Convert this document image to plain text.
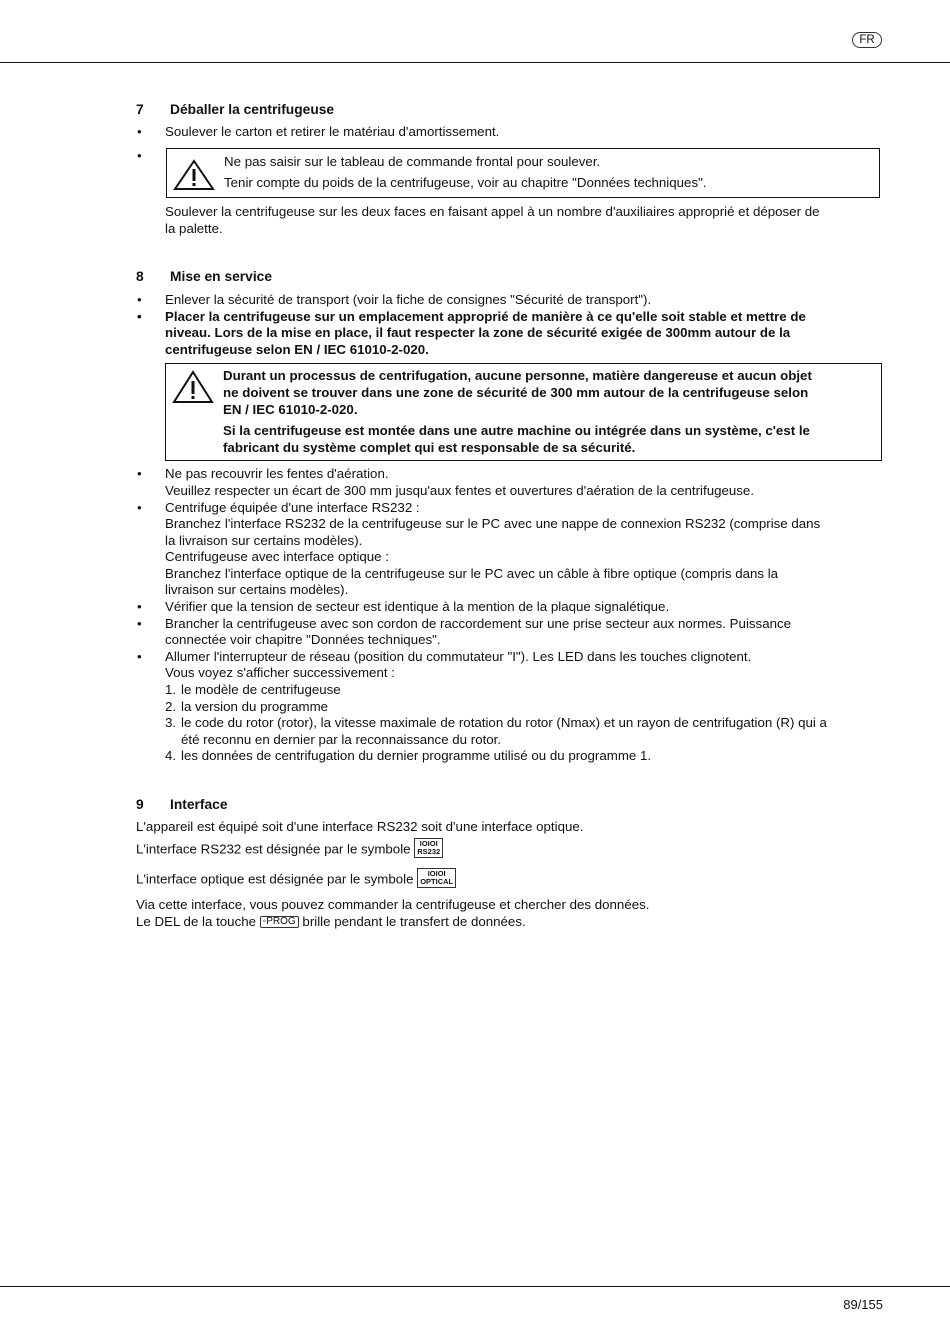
FR
7	Déballer la centrifugeuse
• Soulever le carton et retirer le matériau d'amortissement.
•	Ne pas saisir sur le tableau de commande frontal pour soulever.
Tenir compte du poids de la centrifugeuse, voir au chapitre "Données techniques".
Soulever la centrifugeuse sur les deux faces en faisant appel à un nombre d'auxiliaires approprié et déposer de
la palette.
8	Mise en service
• Enlever la sécurité de transport (voir la fiche de consignes "Sécurité de transport").
• Placer la centrifugeuse sur un emplacement approprié de manière à ce qu'elle soit stable et mettre de
niveau. Lors de la mise en place, il faut respecter la zone de sécurité exigée de 300mm autour de la
centrifugeuse selon EN / IEC 61010-2-020.
Durant un processus de centrifugation, aucune personne, matière dangereuse et aucun objet
ne doivent se trouver dans une zone de sécurité de 300 mm autour de la centrifugeuse selon
EN / IEC 61010-2-020.
Si la centrifugeuse est montée dans une autre machine ou intégrée dans un système, c'est le
fabricant du système complet qui est responsable de sa sécurité.
• Ne pas recouvrir les fentes d'aération.
Veuillez respecter un écart de 300 mm jusqu'aux fentes et ouvertures d'aération de la centrifugeuse.
• Centrifuge équipée d'une interface RS232 :
Branchez l'interface RS232 de la centrifugeuse sur le PC avec une nappe de connexion RS232 (comprise dans
la livraison sur certains modèles).
Centrifugeuse avec interface optique :
Branchez l'interface optique de la centrifugeuse sur le PC avec un câble à fibre optique (compris dans la
livraison sur certains modèles).
• Vérifier que la tension de secteur est identique à la mention de la plaque signalétique.
• Brancher la centrifugeuse avec son cordon de raccordement sur une prise secteur aux normes. Puissance
connectée voir chapitre "Données techniques".
• Allumer l'interrupteur de réseau (position du commutateur "I"). Les LED dans les touches clignotent.
Vous voyez s'afficher successivement :
1. le modèle de centrifugeuse
2. la version du programme
3. le code du rotor (rotor), la vitesse maximale de rotation du rotor (Nmax) et un rayon de centrifugation (R) qui a
été reconnu en dernier par la reconnaissance du rotor.
4. les données de centrifugation du dernier programme utilisé ou du programme 1.
9	Interface
L'appareil est équipé soit d'une interface RS232 soit d'une interface optique.
L'interface RS232 est désignée par le symbole	IOIOI
RS232
L'interface optique est désignée par le symbole	IOIOI
OPTICAL
Via cette interface, vous pouvez commander la centrifugeuse et chercher des données.
Le DEL de la touche ◦PROG brille pendant le transfert de données.
89/155
